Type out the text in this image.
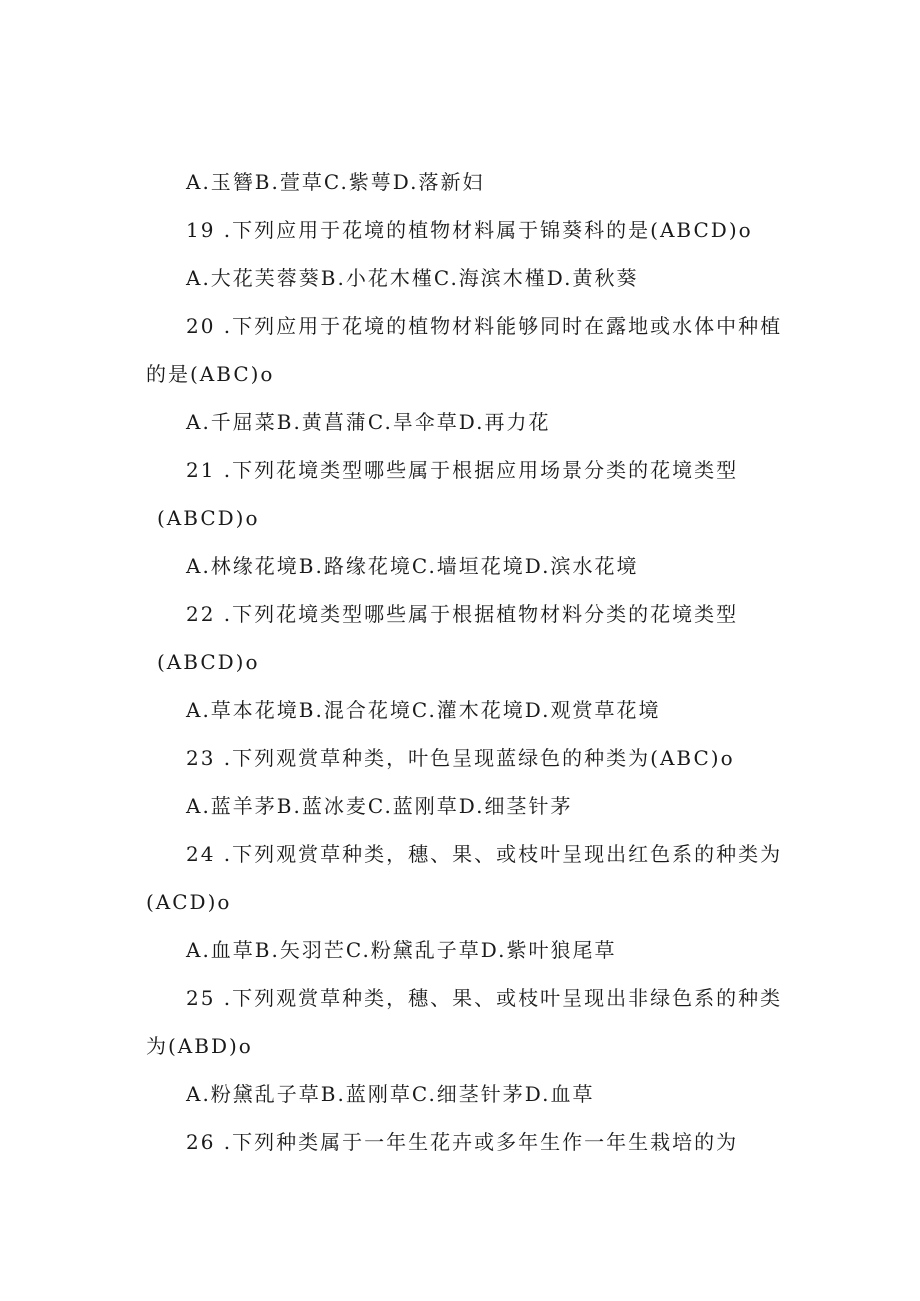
A.玉簪B.萱草C.紫萼D.落新妇
19 .下列应用于花境的植物材料属于锦葵科的是(ABCD)o
A.大花芙蓉葵B.小花木槿C.海滨木槿D.黄秋葵
20 .下列应用于花境的植物材料能够同时在露地或水体中种植
的是(ABC)o
A.千屈菜B.黄菖蒲C.旱伞草D.再力花
21 .下列花境类型哪些属于根据应用场景分类的花境类型
(ABCD)o
A.林缘花境B.路缘花境C.墙垣花境D.滨水花境
22 .下列花境类型哪些属于根据植物材料分类的花境类型
(ABCD)o
A.草本花境B.混合花境C.灌木花境D.观赏草花境
23 .下列观赏草种类，叶色呈现蓝绿色的种类为(ABC)o
A.蓝羊茅B.蓝冰麦C.蓝刚草D.细茎针茅
24 .下列观赏草种类，穗、果、或枝叶呈现出红色系的种类为
(ACD)o
A.血草B.矢羽芒C.粉黛乱子草D.紫叶狼尾草
25 .下列观赏草种类，穗、果、或枝叶呈现出非绿色系的种类
为(ABD)o
A.粉黛乱子草B.蓝刚草C.细茎针茅D.血草
26 .下列种类属于一年生花卉或多年生作一年生栽培的为
